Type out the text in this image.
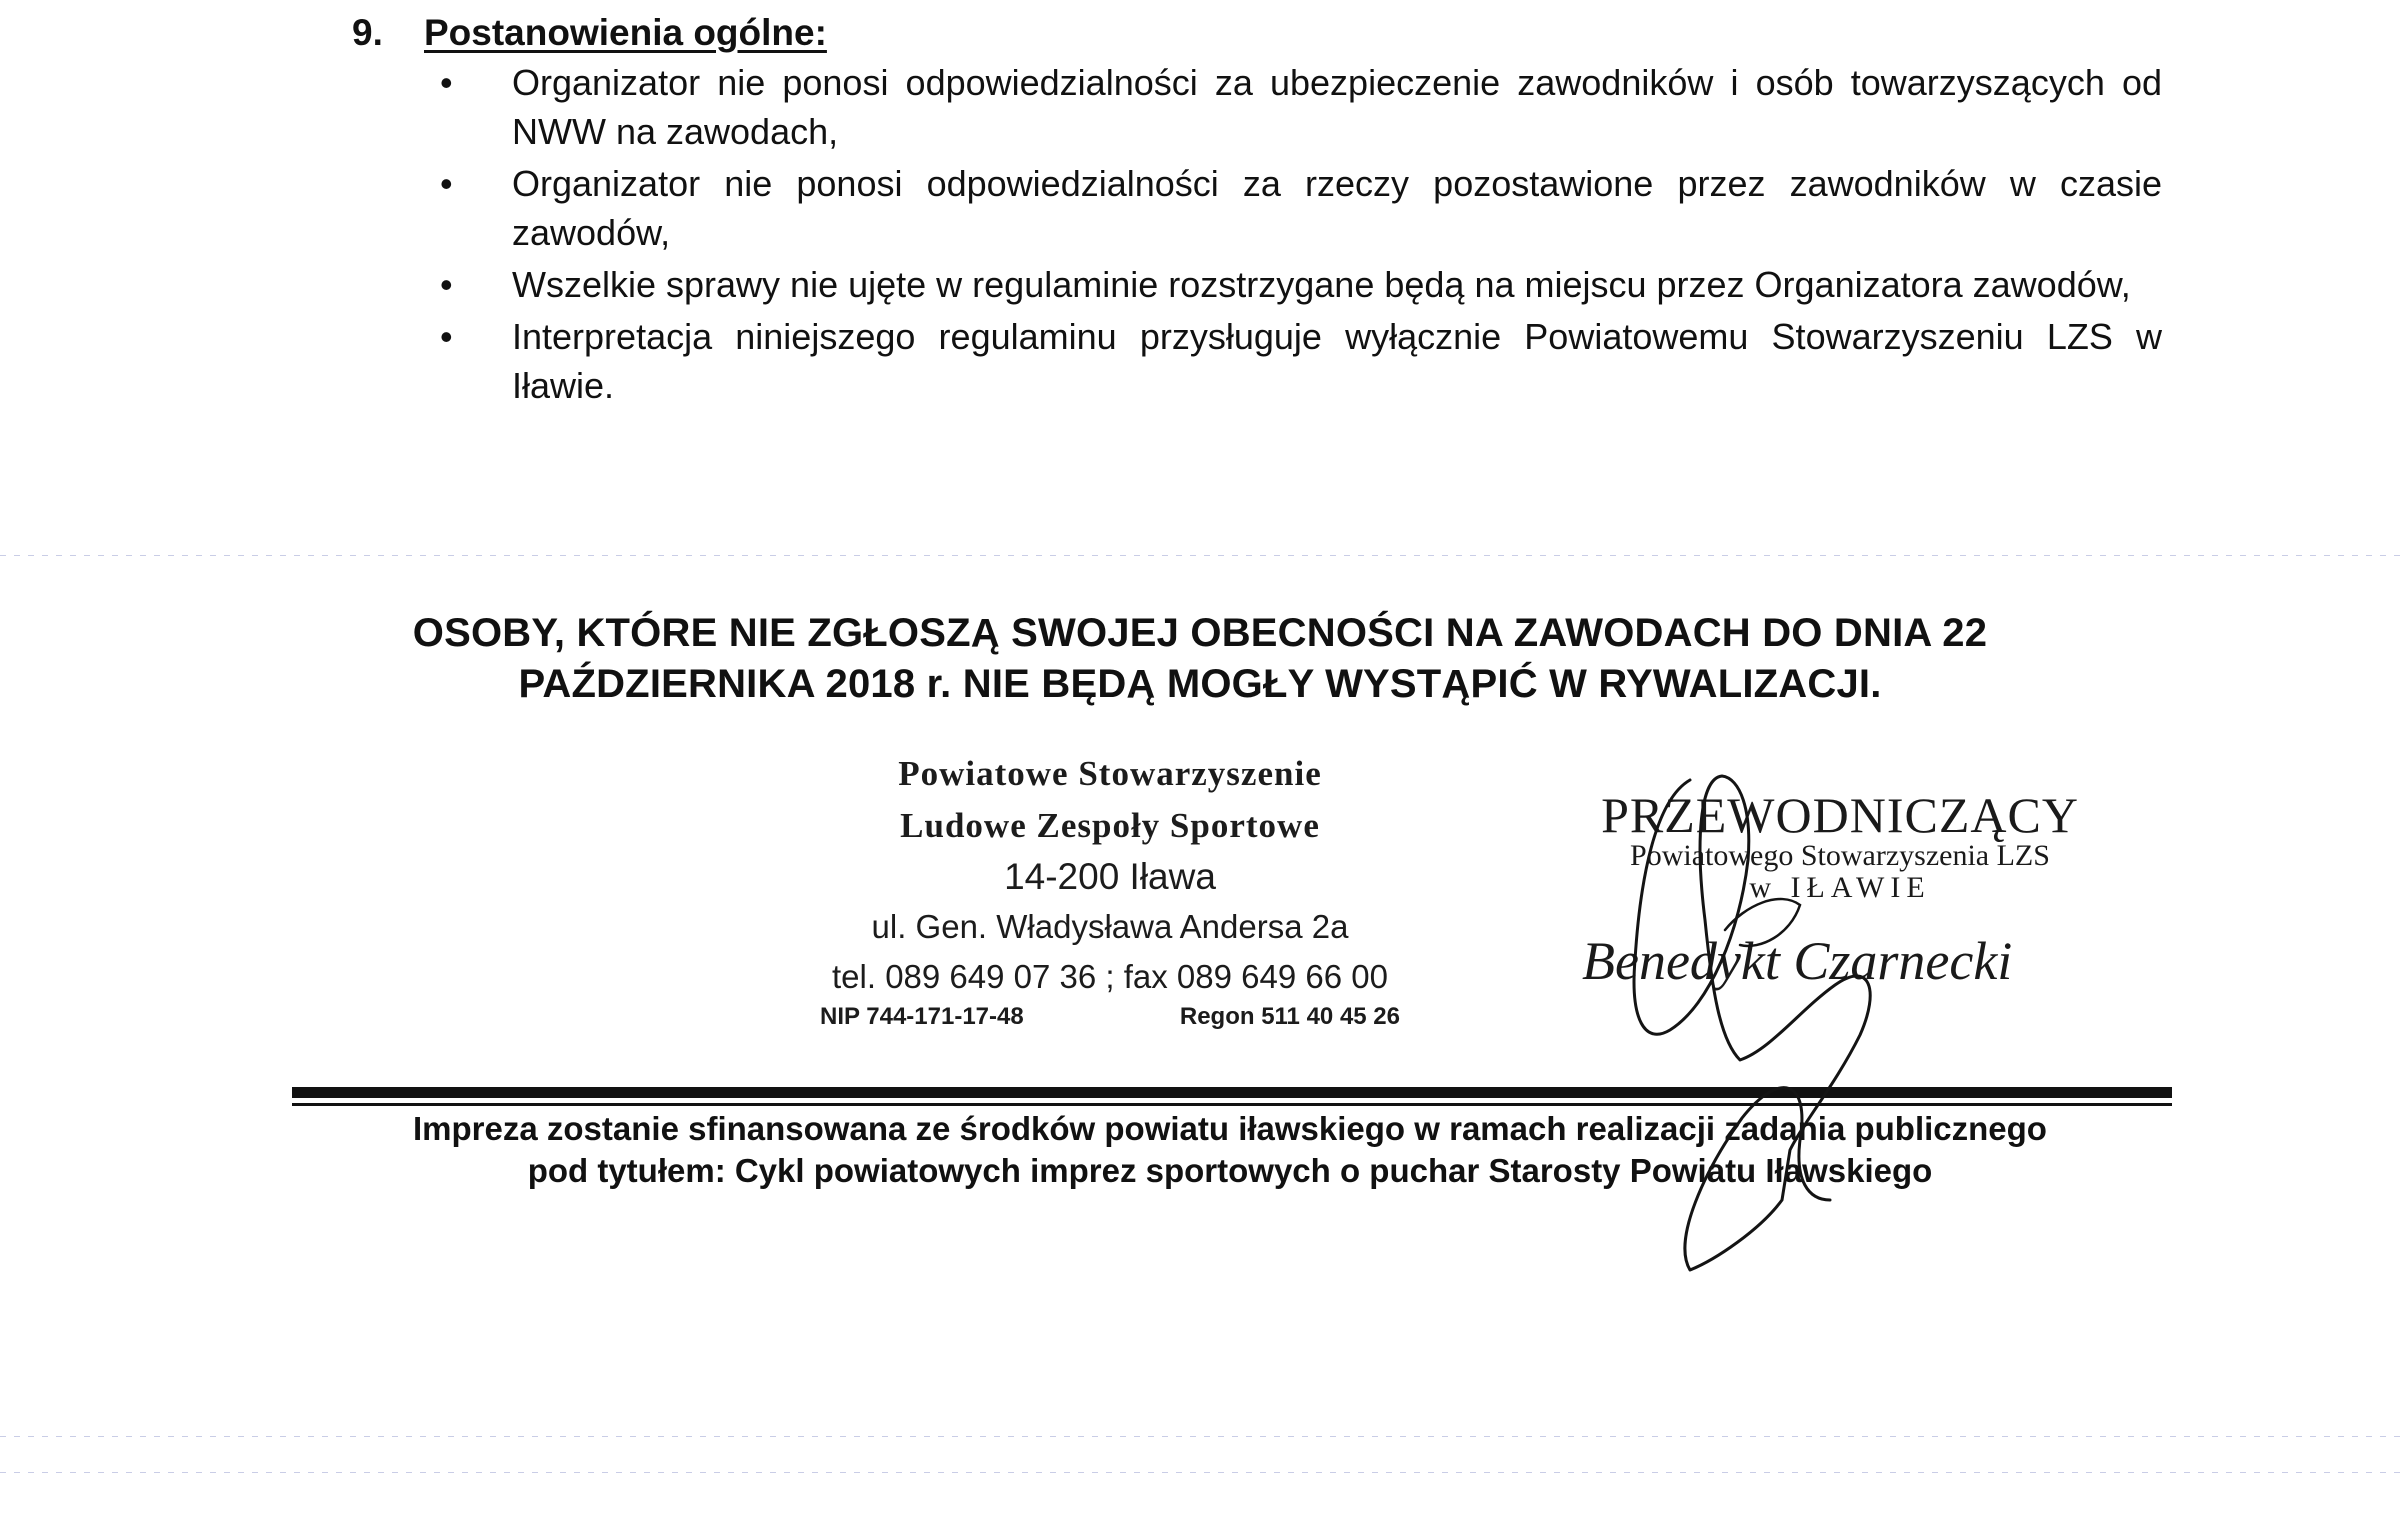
9. Postanowienia ogólne:
• Organizator nie ponosi odpowiedzialności za ubezpieczenie zawodników i osób towarzyszących od NWW na zawodach,
• Organizator nie ponosi odpowiedzialności za rzeczy pozostawione przez zawodników w czasie zawodów,
• Wszelkie sprawy nie ujęte w regulaminie rozstrzygane będą na miejscu przez Organizatora zawodów,
• Interpretacja niniejszego regulaminu przysługuje wyłącznie Powiatowemu Stowarzyszeniu LZS w Iławie.
OSOBY, KTÓRE NIE ZGŁOSZĄ SWOJEJ OBECNOŚCI NA ZAWODACH DO DNIA 22
PAŹDZIERNIKA 2018 r. NIE BĘDĄ MOGŁY WYSTĄPIĆ W RYWALIZACJI.
Powiatowe Stowarzyszenie
Ludowe Zespoły Sportowe
14-200 Iława
ul. Gen. Władysława Andersa 2a
tel. 089 649 07 36 ; fax 089 649 66 00
NIP 744-171-17-48	Regon 511 40 45 26
PRZEWODNICZĄCY
Powiatowego Stowarzyszenia LZS
w IŁAWIE
Benedykt Czarnecki
Impreza zostanie sfinansowana ze środków powiatu iławskiego w ramach realizacji zadania publicznego
pod tytułem: Cykl powiatowych imprez sportowych o puchar Starosty Powiatu Iławskiego
